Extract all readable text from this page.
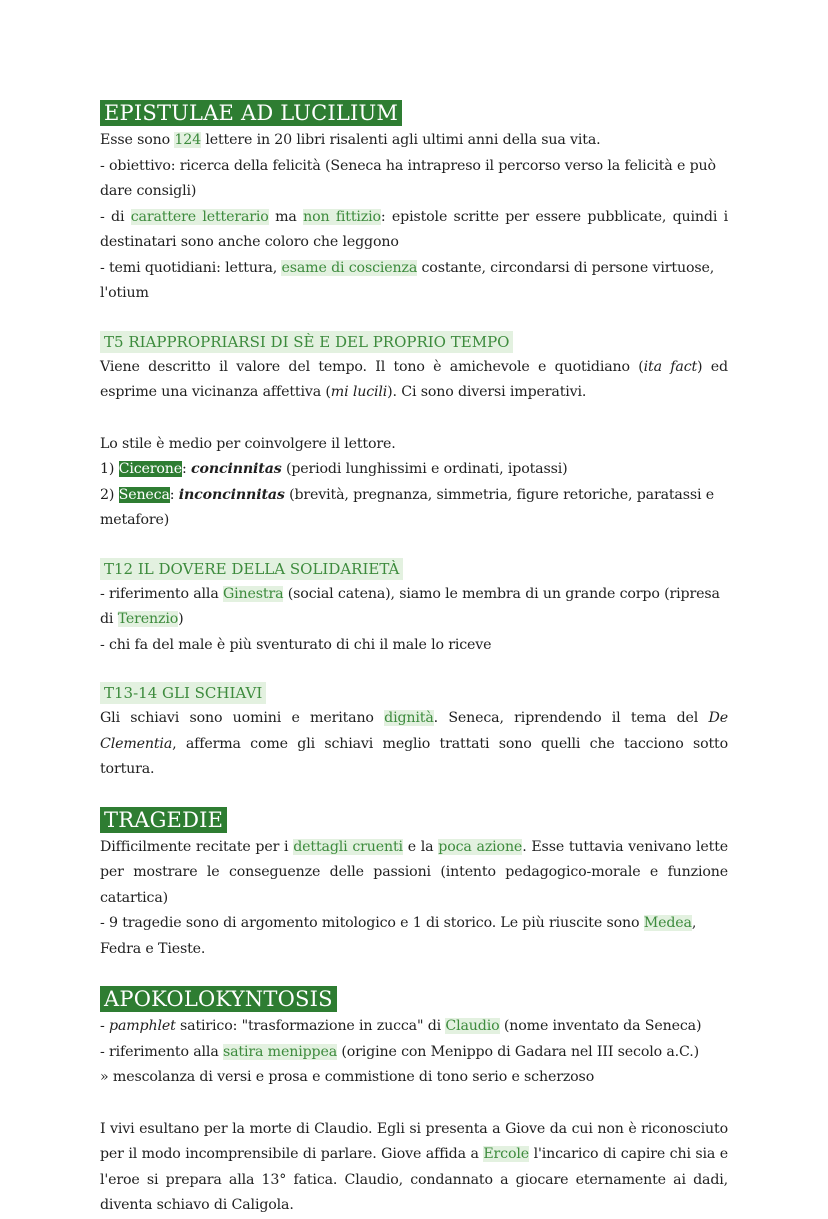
EPISTULAE AD LUCILIUM

Esse sono 124 lettere in 20 libri risalenti agli ultimi anni della sua vita.

- obiettivo: ricerca della felicità (Seneca ha intrapreso il percorso verso la felicità e può dare consigli)

- di carattere letterario ma non fittizio: epistole scritte per essere pubblicate, quindi i destinatari sono anche coloro che leggono

- temi quotidiani: lettura, esame di coscienza costante, circondarsi di persone virtuose, l'otium

T5 RIAPPROPRIARSI DI SÈ E DEL PROPRIO TEMPO

Viene descritto il valore del tempo. Il tono è amichevole e quotidiano (ita fact) ed esprime una vicinanza affettiva (mi lucili). Ci sono diversi imperativi.

Lo stile è medio per coinvolgere il lettore.

1) Cicerone: concinnitas (periodi lunghissimi e ordinati, ipotassi)

2) Seneca: inconcinnitas (brevità, pregnanza, simmetria, figure retoriche, paratassi e metafore)

T12 IL DOVERE DELLA SOLIDARIETÀ

- riferimento alla Ginestra (social catena), siamo le membra di un grande corpo (ripresa di Terenzio)

- chi fa del male è più sventurato di chi il male lo riceve

T13-14 GLI SCHIAVI

Gli schiavi sono uomini e meritano dignità. Seneca, riprendendo il tema del De Clementia, afferma come gli schiavi meglio trattati sono quelli che tacciono sotto tortura.

TRAGEDIE

Difficilmente recitate per i dettagli cruenti e la poca azione. Esse tuttavia venivano lette per mostrare le conseguenze delle passioni (intento pedagogico-morale e funzione catartica)

- 9 tragedie sono di argomento mitologico e 1 di storico. Le più riuscite sono Medea, Fedra e Tieste.

APOKOLOKYNTOSIS

- pamphlet satirico: "trasformazione in zucca" di Claudio (nome inventato da Seneca)

- riferimento alla satira menippea (origine con Menippo di Gadara nel III secolo a.C.)

» mescolanza di versi e prosa e commistione di tono serio e scherzoso

I vivi esultano per la morte di Claudio. Egli si presenta a Giove da cui non è riconosciuto per il modo incomprensibile di parlare. Giove affida a Ercole l'incarico di capire chi sia e l'eroe si prepara alla 13° fatica. Claudio, condannato a giocare eternamente ai dadi, diventa schiavo di Caligola.
